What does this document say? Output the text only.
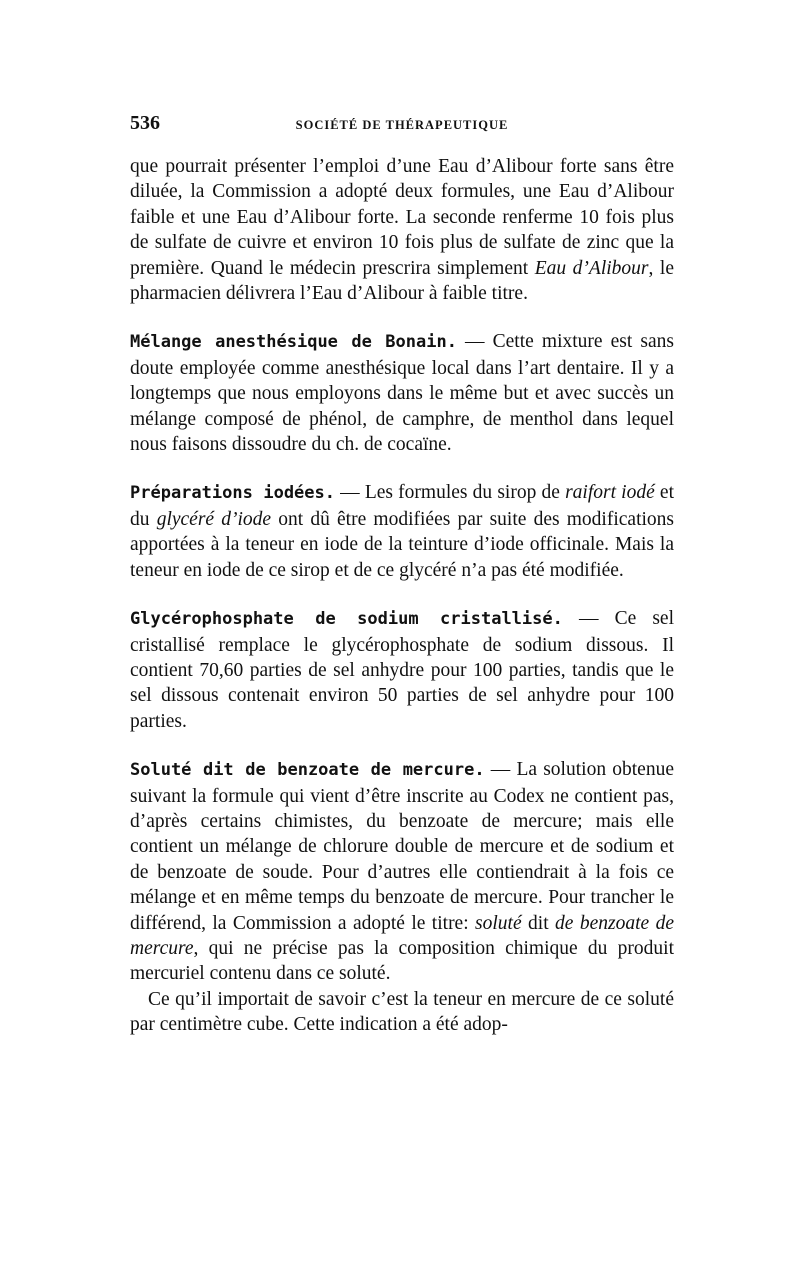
536	SOCIÉTÉ DE THÉRAPEUTIQUE

que pourrait présenter l’emploi d’une Eau d’Alibour forte sans être diluée, la Commission a adopté deux formules, une Eau d’Alibour faible et une Eau d’Alibour forte. La seconde renferme 10 fois plus de sulfate de cuivre et environ 10 fois plus de sulfate de zinc que la première. Quand le médecin prescrira simplement Eau d’Alibour, le pharmacien délivrera l’Eau d’Alibour à faible titre.

Mélange anesthésique de Bonain. — Cette mixture est sans doute employée comme anesthésique local dans l’art dentaire. Il y a longtemps que nous employons dans le même but et avec succès un mélange composé de phénol, de camphre, de menthol dans lequel nous faisons dissoudre du ch. de cocaïne.

Préparations iodées. — Les formules du sirop de raifort iodé et du glycéré d’iode ont dû être modifiées par suite des modifications apportées à la teneur en iode de la teinture d’iode officinale. Mais la teneur en iode de ce sirop et de ce glycéré n’a pas été modifiée.

Glycérophosphate de sodium cristallisé. — Ce sel cristallisé remplace le glycérophosphate de sodium dissous. Il contient 70,60 parties de sel anhydre pour 100 parties, tandis que le sel dissous contenait environ 50 parties de sel anhydre pour 100 parties.

Soluté dit de benzoate de mercure. — La solution obtenue suivant la formule qui vient d’être inscrite au Codex ne contient pas, d’après certains chimistes, du benzoate de mercure; mais elle contient un mélange de chlorure double de mercure et de sodium et de benzoate de soude. Pour d’autres elle contiendrait à la fois ce mélange et en même temps du benzoate de mercure. Pour trancher le différend, la Commission a adopté le titre: soluté dit de benzoate de mercure, qui ne précise pas la composition chimique du produit mercuriel contenu dans ce soluté.

Ce qu’il importait de savoir c’est la teneur en mercure de ce soluté par centimètre cube. Cette indication a été adop-
